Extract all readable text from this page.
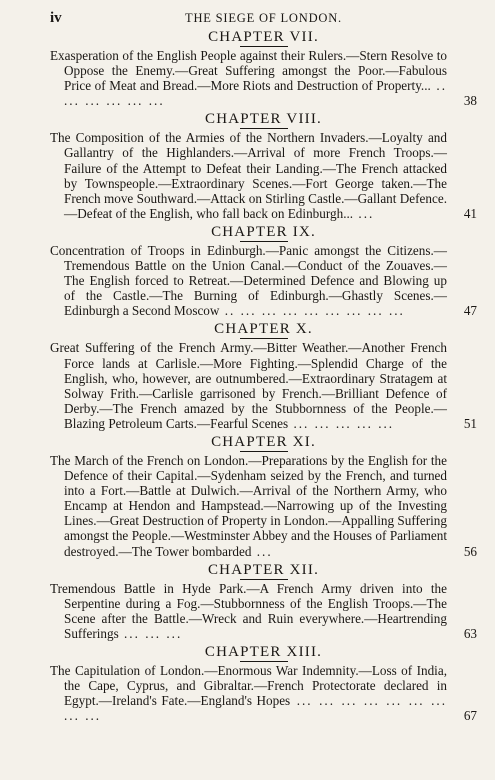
iv	THE SIEGE OF LONDON.
CHAPTER VII.
Exasperation of the English People against their Rulers.—Stern Resolve to Oppose the Enemy.—Great Suffering amongst the Poor.—Fabulous Price of Meat and Bread.—More Riots and Destruction of Property... .. ... ... ... ... ...	38
CHAPTER VIII.
The Composition of the Armies of the Northern Invaders.—Loyalty and Gallantry of the Highlanders.—Arrival of more French Troops.—Failure of the Attempt to Defeat their Landing.—The French attacked by Townspeople.—Extraordinary Scenes.—Fort George taken.—The French move Southward.—Attack on Stirling Castle.—Gallant Defence.—Defeat of the English, who fall back on Edinburgh... ...	41
CHAPTER IX.
Concentration of Troops in Edinburgh.—Panic amongst the Citizens.—Tremendous Battle on the Union Canal.—Conduct of the Zouaves.—The English forced to Retreat.—Determined Defence and Blowing up of the Castle.—The Burning of Edinburgh.—Ghastly Scenes.—Edinburgh a Second Moscow .. ... ... ... ... ... ... ... ...	47
CHAPTER X.
Great Suffering of the French Army.—Bitter Weather.—Another French Force lands at Carlisle.—More Fighting.—Splendid Charge of the English, who, however, are outnumbered.—Extraordinary Stratagem at Solway Frith.—Carlisle garrisoned by French.—Brilliant Defence of Derby.—The French amazed by the Stubbornness of the People.—Blazing Petroleum Carts.—Fearful Scenes ... ... ... ... ...	51
CHAPTER XI.
The March of the French on London.—Preparations by the English for the Defence of their Capital.—Sydenham seized by the French, and turned into a Fort.—Battle at Dulwich.—Arrival of the Northern Army, who Encamp at Hendon and Hampstead.—Narrowing up of the Investing Lines.—Great Destruction of Property in London.—Appalling Suffering amongst the People.—Westminster Abbey and the Houses of Parliament destroyed.—The Tower bombarded ...	56
CHAPTER XII.
Tremendous Battle in Hyde Park.—A French Army driven into the Serpentine during a Fog.—Stubbornness of the English Troops.—The Scene after the Battle.—Wreck and Ruin everywhere.—Heartrending Sufferings ... ... ...	63
CHAPTER XIII.
The Capitulation of London.—Enormous War Indemnity.—Loss of India, the Cape, Cyprus, and Gibraltar.—French Protectorate declared in Egypt.—Ireland's Fate.—England's Hopes ... ... ... ... ... ... ... ... ...	67
